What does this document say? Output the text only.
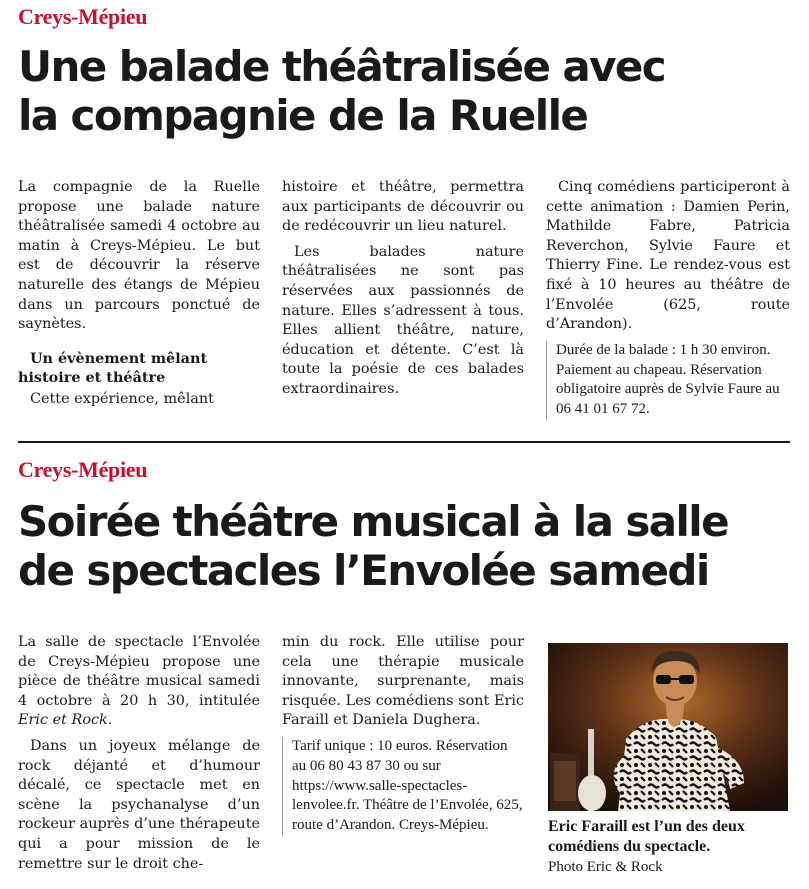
Creys-Mépieu
Une balade théâtralisée avec
la compagnie de la Ruelle

La compagnie de la Ruelle propose une balade nature théâtralisée samedi 4 octobre au matin à Creys-Mépieu. Le but est de découvrir la réserve naturelle des étangs de Mépieu dans un parcours ponctué de saynètes.

Un évènement mêlant histoire et théâtre

Cette expérience, mêlant

histoire et théâtre, permettra aux participants de découvrir ou de redécouvrir un lieu naturel.

Les balades nature théâtralisées ne sont pas réservées aux passionnés de nature. Elles s’adressent à tous. Elles allient théâtre, nature, éducation et détente. C’est là toute la poésie de ces balades extraordinaires.

Cinq comédiens participeront à cette animation : Damien Perin, Mathilde Fabre, Patricia Reverchon, Sylvie Faure et Thierry Fine. Le rendez-vous est fixé à 10 heures au théâtre de l’Envolée (625, route d’Arandon).

Durée de la balade : 1 h 30 environ. Paiement au chapeau. Réservation obligatoire auprès de Sylvie Faure au 06 41 01 67 72.
Creys-Mépieu
Soirée théâtre musical à la salle
de spectacles l’Envolée samedi

La salle de spectacle l’Envolée de Creys-Mépieu propose une pièce de théâtre musical samedi 4 octobre à 20 h 30, intitulée Eric et Rock.

Dans un joyeux mélange de rock déjanté et d’humour décalé, ce spectacle met en scène la psychanalyse d’un rockeur auprès d’une thérapeute qui a pour mission de le remettre sur le droit che-

min du rock. Elle utilise pour cela une thérapie musicale innovante, surprenante, mais risquée. Les comédiens sont Eric Faraill et Daniela Dughera.

Tarif unique : 10 euros. Réservation au 06 80 43 87 30 ou sur https://www.salle-spectacles-lenvolee.fr. Théâtre de l’Envolée, 625, route d’Arandon. Creys-Mépieu.	Eric Faraill est l’un des deux comédiens du spectacle.
Photo Eric & Rock
